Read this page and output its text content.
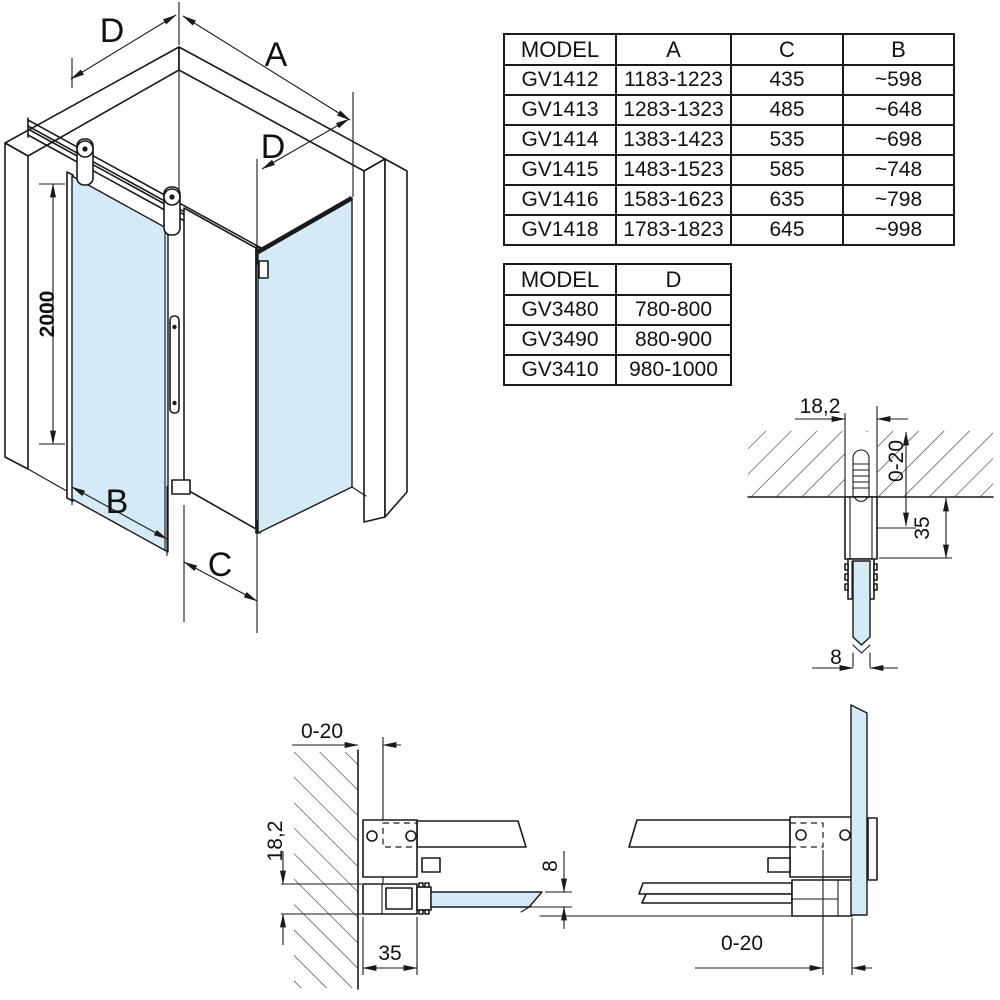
D
A
D
2000
B
C
18,2
0-20
35
8
0-20
18,2
8
35	0-20
MODEL	A	C	B
GV1412	1183-1223	435	~598
GV1413	1283-1323	485	~648
GV1414	1383-1423	535	~698
GV1415	1483-1523	585	~748
GV1416	1583-1623	635	~798
GV1418	1783-1823	645	~998
MODEL	D
GV3480	780-800
GV3490	880-900
GV3410	980-1000
